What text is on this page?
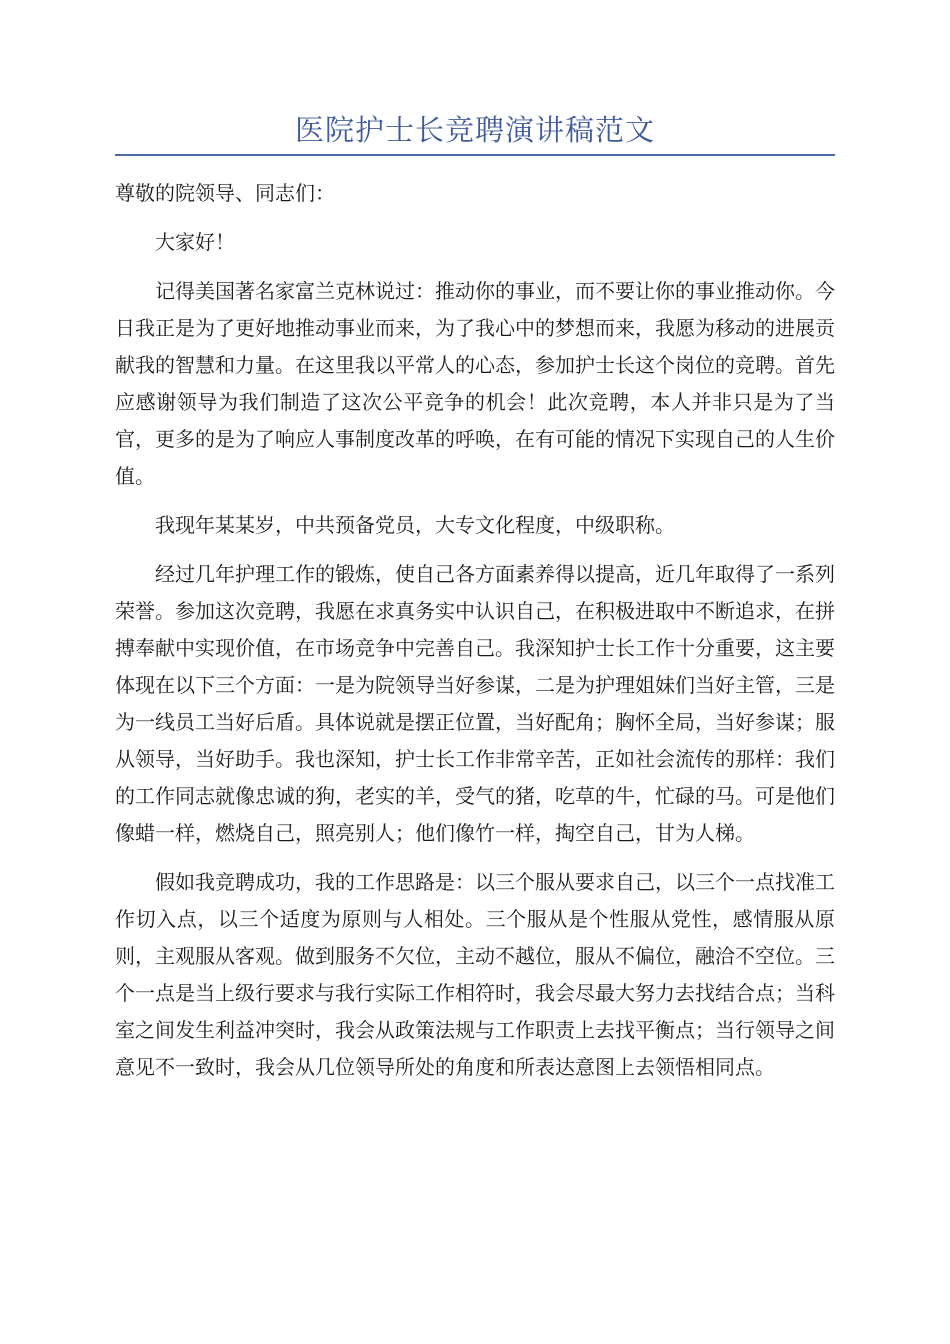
医院护士长竞聘演讲稿范文

尊敬的院领导、同志们：

大家好！

记得美国著名家富兰克林说过：推动你的事业，而不要让你的事业推动你。今日我正是为了更好地推动事业而来，为了我心中的梦想而来，我愿为移动的进展贡献我的智慧和力量。在这里我以平常人的心态，参加护士长这个岗位的竞聘。首先应感谢领导为我们制造了这次公平竞争的机会！此次竞聘，本人并非只是为了当官，更多的是为了响应人事制度改革的呼唤，在有可能的情况下实现自己的人生价值。

我现年某某岁，中共预备党员，大专文化程度，中级职称。

经过几年护理工作的锻炼，使自己各方面素养得以提高，近几年取得了一系列荣誉。参加这次竞聘，我愿在求真务实中认识自己，在积极进取中不断追求，在拼搏奉献中实现价值，在市场竞争中完善自己。我深知护士长工作十分重要，这主要体现在以下三个方面：一是为院领导当好参谋，二是为护理姐妹们当好主管，三是为一线员工当好后盾。具体说就是摆正位置，当好配角；胸怀全局，当好参谋；服从领导，当好助手。我也深知，护士长工作非常辛苦，正如社会流传的那样：我们的工作同志就像忠诚的狗，老实的羊，受气的猪，吃草的牛，忙碌的马。可是他们像蜡一样，燃烧自己，照亮别人；他们像竹一样，掏空自己，甘为人梯。

假如我竞聘成功，我的工作思路是：以三个服从要求自己，以三个一点找准工作切入点，以三个适度为原则与人相处。三个服从是个性服从党性，感情服从原则，主观服从客观。做到服务不欠位，主动不越位，服从不偏位，融洽不空位。三个一点是当上级行要求与我行实际工作相符时，我会尽最大努力去找结合点；当科室之间发生利益冲突时，我会从政策法规与工作职责上去找平衡点；当行领导之间意见不一致时，我会从几位领导所处的角度和所表达意图上去领悟相同点。
